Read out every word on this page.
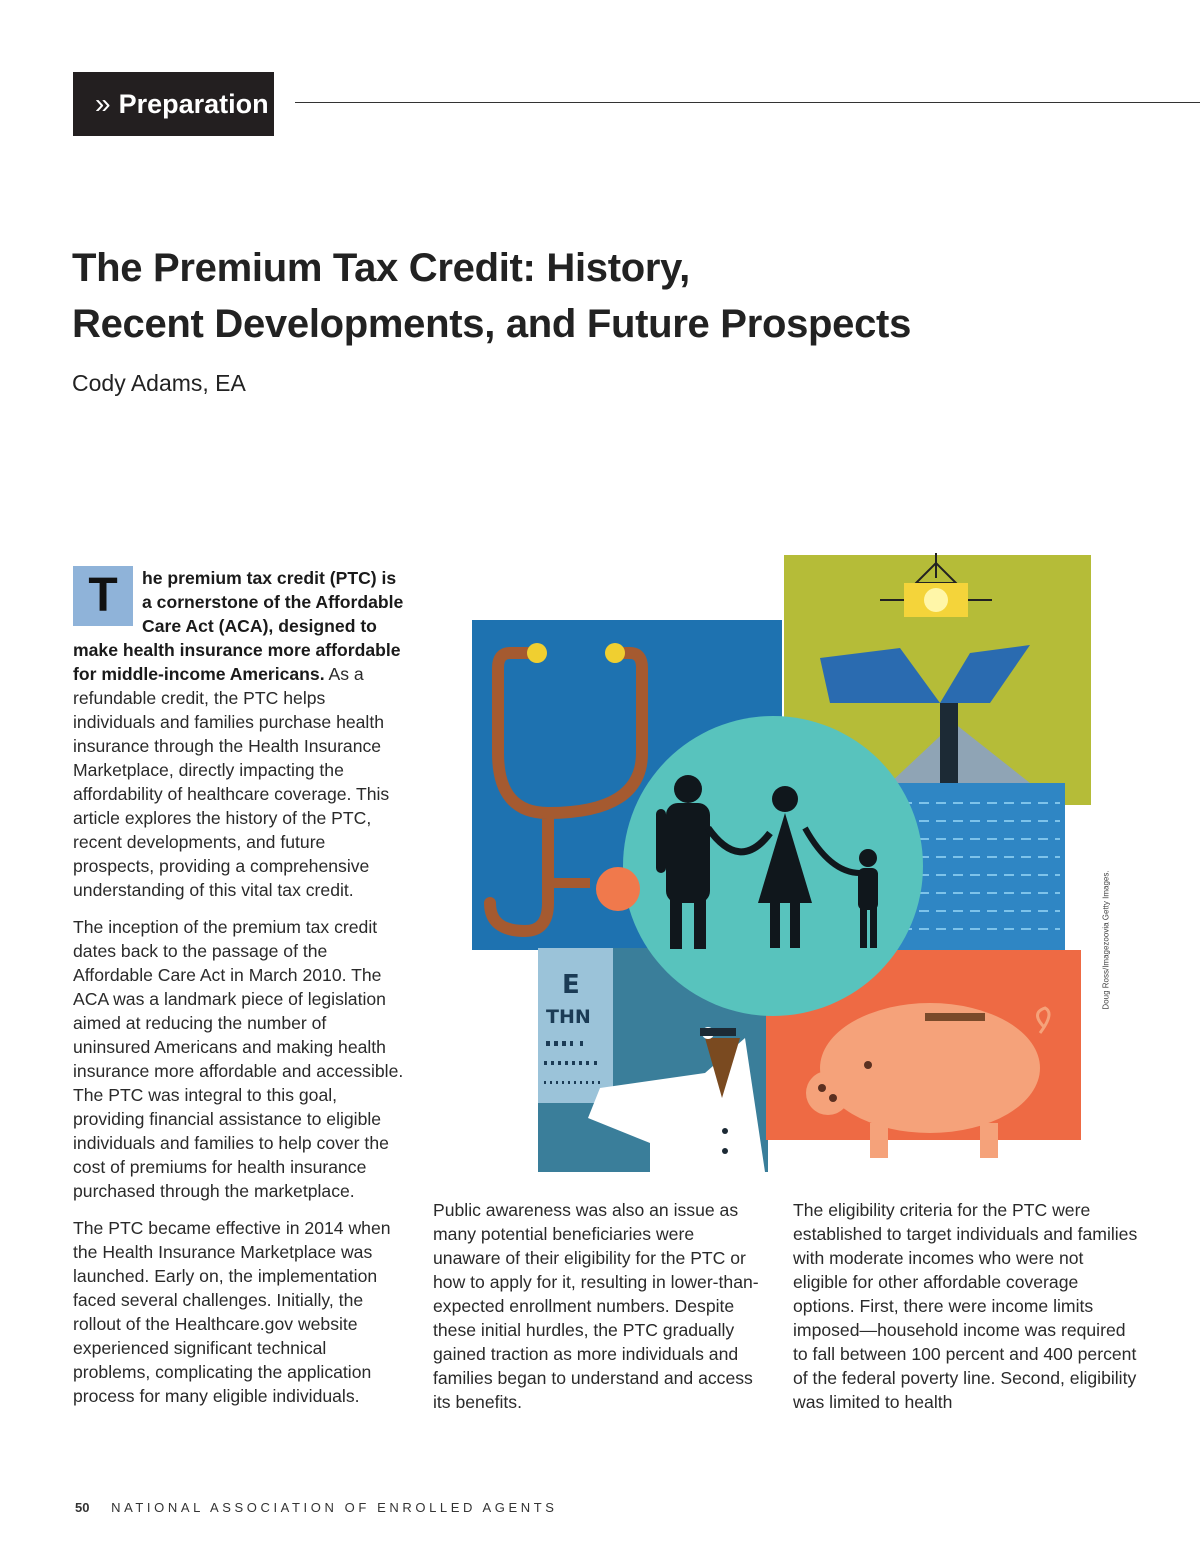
» Preparation
The Premium Tax Credit: History,
Recent Developments, and Future Prospects
Cody Adams, EA

T	he premium tax credit (PTC) is a cornerstone of the Affordable Care Act (ACA), designed to make health insurance more affordable for middle-income Americans. As a refundable credit, the PTC helps individuals and families purchase health insurance through the Health Insurance Marketplace, directly impacting the affordability of healthcare coverage. This article explores the history of the PTC, recent developments, and future prospects, providing a comprehensive understanding of this vital tax credit.

The inception of the premium tax credit dates back to the passage of the Affordable Care Act in March 2010. The ACA was a landmark piece of legislation aimed at reducing the number of uninsured Americans and making health insurance more affordable and accessible. The PTC was integral to this goal, providing financial assistance to eligible individuals and families to help cover the cost of premiums for health insurance purchased through the marketplace.

The PTC became effective in 2014 when the Health Insurance Marketplace was launched. Early on, the implementation faced several challenges. Initially, the rollout of the Healthcare.gov website experienced significant technical problems, complicating the application process for many eligible individuals.

Public awareness was also an issue as many potential beneficiaries were unaware of their eligibility for the PTC or how to apply for it, resulting in lower-than-expected enrollment numbers. Despite these initial hurdles, the PTC gradually gained traction as more individuals and families began to understand and access its benefits.

The eligibility criteria for the PTC were established to target individuals and families with moderate incomes who were not eligible for other affordable coverage options. First, there were income limits imposed—household income was required to fall between 100 percent and 400 percent of the federal poverty line. Second, eligibility was limited to health

E
THN
Doug Ross/Imagezoovia Getty Images.
50 NATIONAL ASSOCIATION OF ENROLLED AGENTS
